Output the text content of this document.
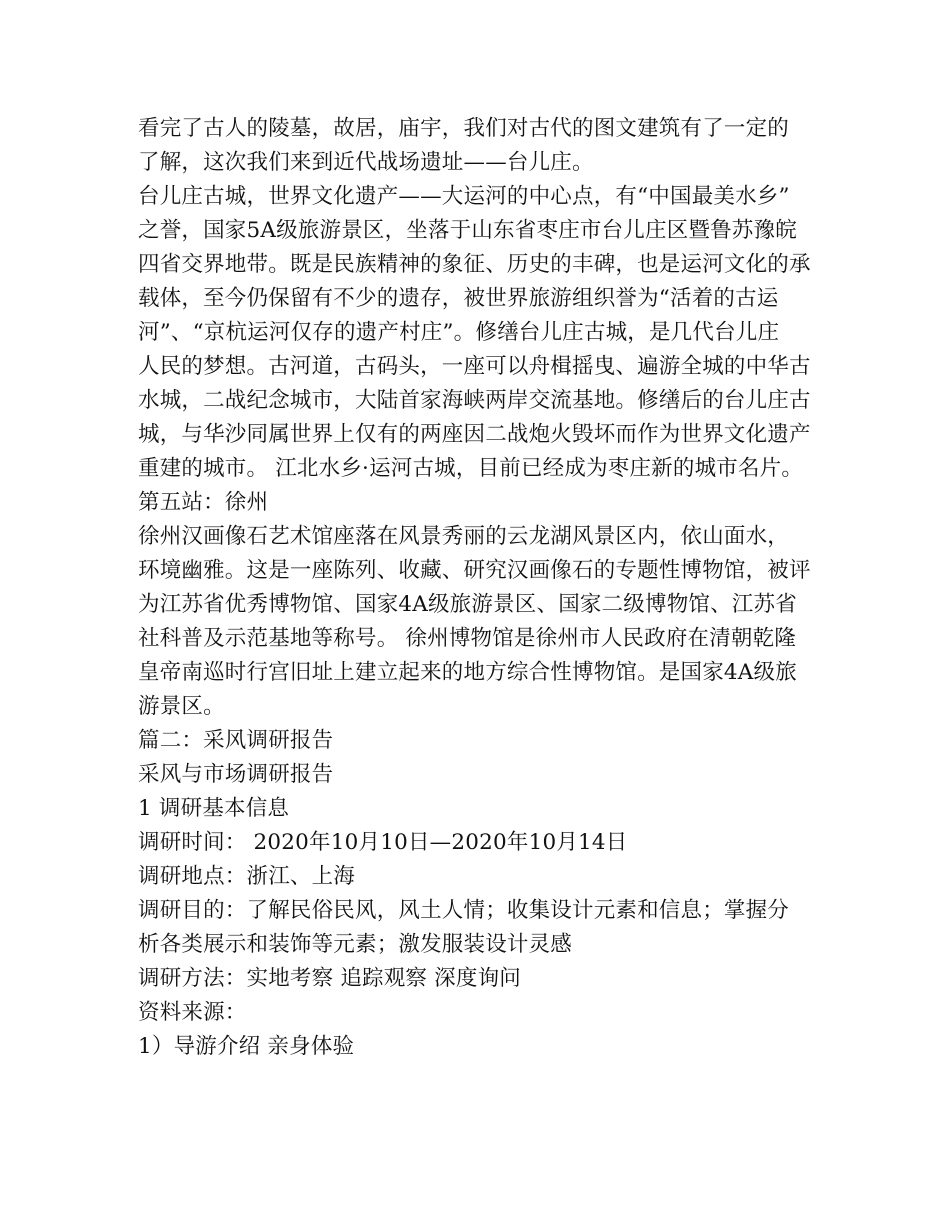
看完了古人的陵墓，故居，庙宇，我们对古代的图文建筑有了一定的
了解，这次我们来到近代战场遗址——台儿庄。
台儿庄古城，世界文化遗产——大运河的中心点，有“中国最美水乡”
之誉，国家5A级旅游景区，坐落于山东省枣庄市台儿庄区暨鲁苏豫皖
四省交界地带。既是民族精神的象征、历史的丰碑，也是运河文化的承
载体，至今仍保留有不少的遗存，被世界旅游组织誉为“活着的古运
河”、“京杭运河仅存的遗产村庄”。修缮台儿庄古城，是几代台儿庄
人民的梦想。古河道，古码头，一座可以舟楫摇曳、遍游全城的中华古
水城，二战纪念城市，大陆首家海峡两岸交流基地。修缮后的台儿庄古
城，与华沙同属世界上仅有的两座因二战炮火毁坏而作为世界文化遗产
重建的城市。 江北水乡·运河古城，目前已经成为枣庄新的城市名片。
第五站：徐州
徐州汉画像石艺术馆座落在风景秀丽的云龙湖风景区内，依山面水，
环境幽雅。这是一座陈列、收藏、研究汉画像石的专题性博物馆，被评
为江苏省优秀博物馆、国家4A级旅游景区、国家二级博物馆、江苏省
社科普及示范基地等称号。 徐州博物馆是徐州市人民政府在清朝乾隆
皇帝南巡时行宫旧址上建立起来的地方综合性博物馆。是国家4A级旅
游景区。
篇二：采风调研报告
采风与市场调研报告
1 调研基本信息
调研时间： 2020年10月10日—2020年10月14日
调研地点：浙江、上海
调研目的：了解民俗民风，风土人情；收集设计元素和信息；掌握分
析各类展示和装饰等元素；激发服装设计灵感
调研方法：实地考察 追踪观察 深度询问
资料来源：
1）导游介绍 亲身体验
